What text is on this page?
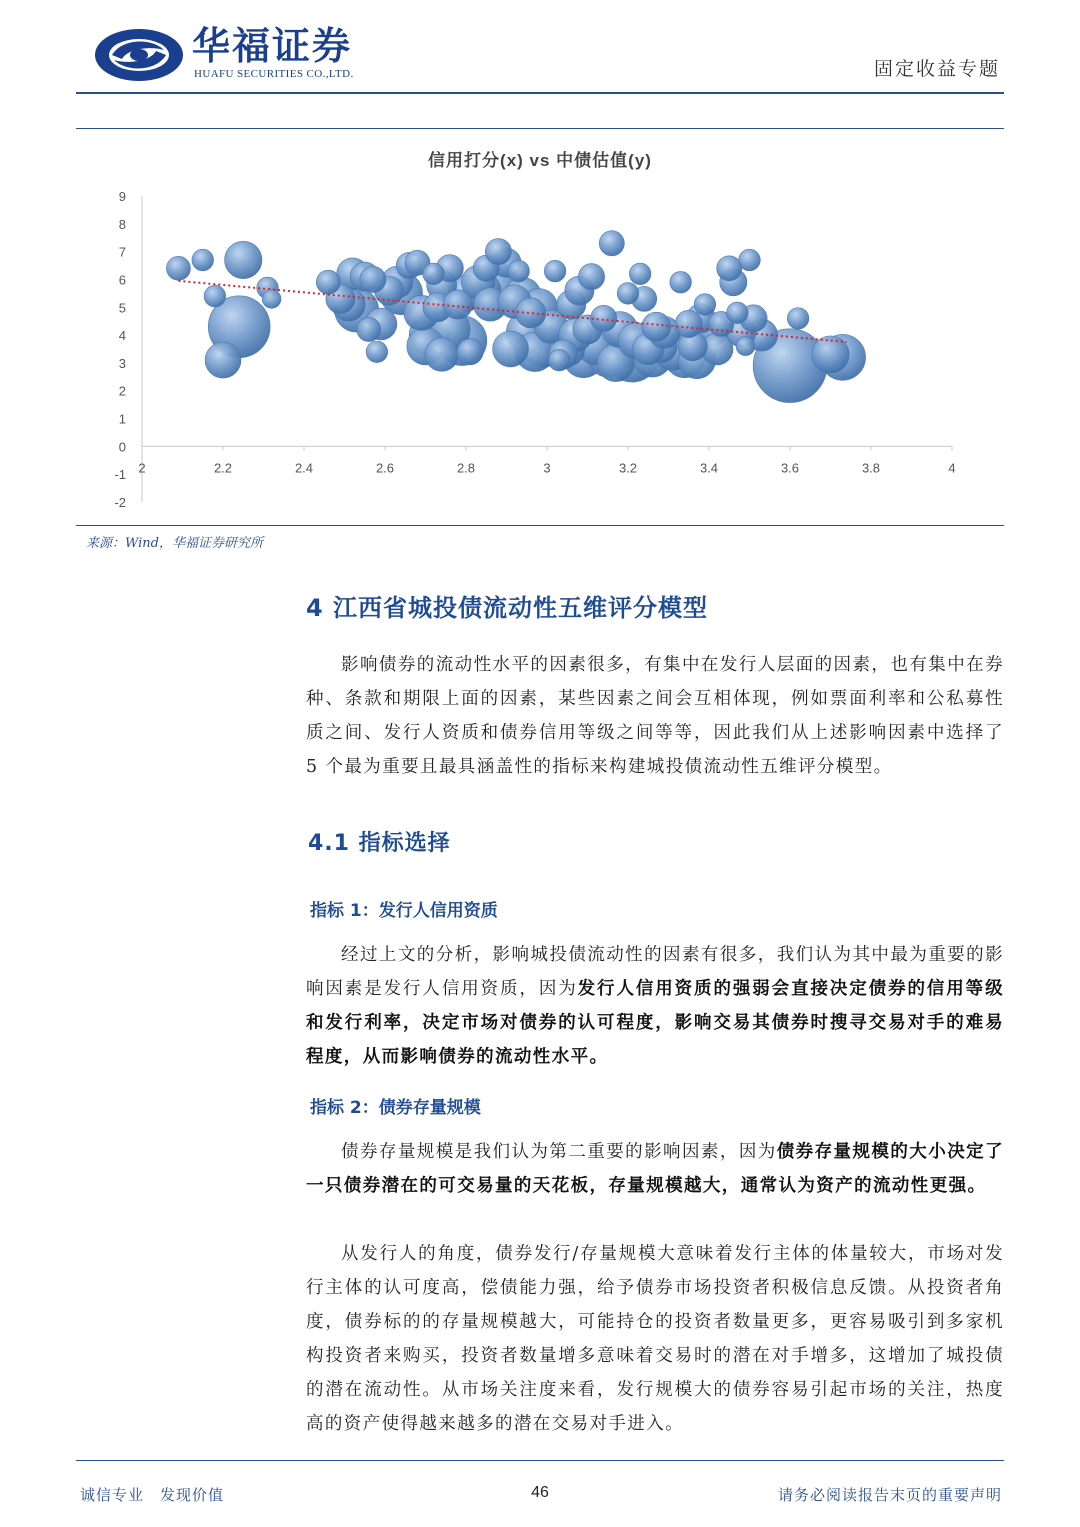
华福证券
HUAFU SECURITIES CO.,LTD.	固定收益专题
信用打分(x) vs 中债估值(y)
-2
-1
0
1
2
3
4
5
6
7
8
9
2	2.2	2.4	2.6	2.8	3	3.2	3.4	3.6	3.8	4
来源：Wind，华福证券研究所
4 江西省城投债流动性五维评分模型

影响债券的流动性水平的因素很多，有集中在发行人层面的因素，也有集中在券种、条款和期限上面的因素，某些因素之间会互相体现，例如票面利率和公私募性质之间、发行人资质和债券信用等级之间等等，因此我们从上述影响因素中选择了 5 个最为重要且最具涵盖性的指标来构建城投债流动性五维评分模型。

4.1 指标选择
指标 1：发行人信用资质

经过上文的分析，影响城投债流动性的因素有很多，我们认为其中最为重要的影响因素是发行人信用资质，因为发行人信用资质的强弱会直接决定债券的信用等级和发行利率，决定市场对债券的认可程度，影响交易其债券时搜寻交易对手的难易程度，从而影响债券的流动性水平。

指标 2：债券存量规模

债券存量规模是我们认为第二重要的影响因素，因为债券存量规模的大小决定了一只债券潜在的可交易量的天花板，存量规模越大，通常认为资产的流动性更强。

从发行人的角度，债券发行/存量规模大意味着发行主体的体量较大，市场对发行主体的认可度高，偿债能力强，给予债券市场投资者积极信息反馈。从投资者角度，债券标的的存量规模越大，可能持仓的投资者数量更多，更容易吸引到多家机构投资者来购买，投资者数量增多意味着交易时的潜在对手增多，这增加了城投债的潜在流动性。从市场关注度来看，发行规模大的债券容易引起市场的关注，热度高的资产使得越来越多的潜在交易对手进入。

诚信专业　发现价值	46	请务必阅读报告末页的重要声明
